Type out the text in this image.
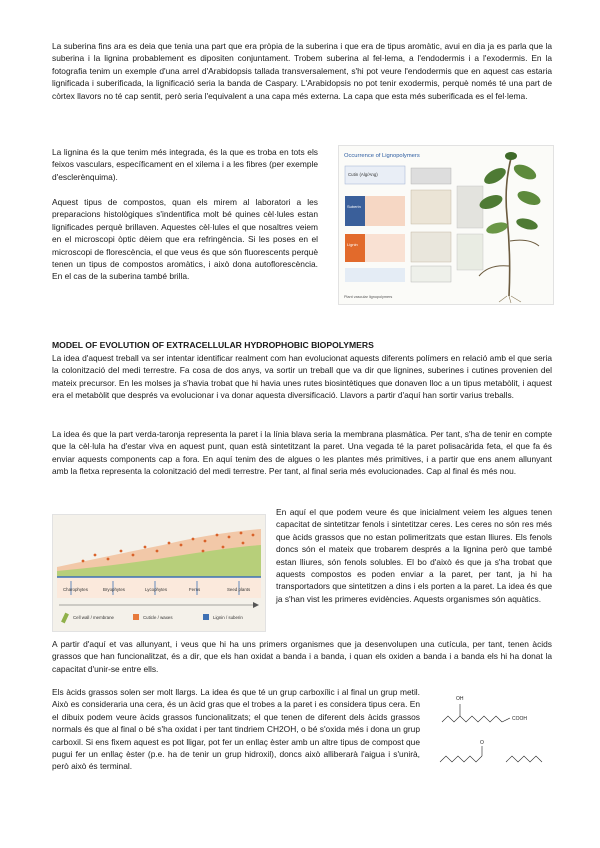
La suberina fins ara es deia que tenia una part que era pròpia de la suberina i que era de tipus aromàtic, avui en dia ja es parla que la suberina i la lignina probablement es dipositen conjuntament. Trobem suberina al fel·lema, a l'endodermis i a l'exodermis. En la fotografia tenim un exemple d'una arrel d'Arabidopsis tallada transversalement, s'hi pot veure l'endodermis que en aquest cas estaria lignificada i suberificada, la lignificació seria la banda de Caspary. L'Arabidopsis no pot tenir exodermis, perquè només té una part de còrtex llavors no té cap sentit, però seria l'equivalent a una capa més externa. La capa que esta més suberificada es el fel·lema.

La lignina és la que tenim més integrada, és la que es troba en tots els feixos vasculars, específicament en el xilema i a les fibres (per exemple d'esclerènquima).

Aquest tipus de compostos, quan els mirem al laboratori a les preparacions histològiques s'indentifica molt bé quines cèl·lules estan lignificades perquè brillaven. Aquestes cèl·lules el que nosaltres veiem en el microscopi òptic dèiem que era refringència. Si les poses en el microscopi de florescència, el que veus és que són fluorescents perquè tenen un tipus de compostos aromàtics, i això dona autoflorescència. En el cas de la suberina també brilla.

Occurrence of Lignopolymers
Cutin (Alg/Ang)
Suberin
Lignin
Plant vascular lignopolymers

MODEL OF EVOLUTION OF EXTRACELLULAR HYDROPHOBIC BIOPOLYMERS

La idea d'aquest treball va ser intentar identificar realment com han evolucionat aquests diferents polímers en relació amb el que seria la colonització del medi terrestre. Fa cosa de dos anys, va sortir un treball que va dir que lignines, suberines i cutines provenien del mateix precursor. En les molses ja s'havia trobat que hi havia unes rutes biosintètiques que donaven lloc a un tipus metabòlit, i aquest era el metabòlit que després va evolucionar i va donar aquesta diversificació. Llavors a partir d'aquí han sortir varius treballs.

La idea és que la part verda-taronja representa la paret i la línia blava seria la membrana plasmàtica. Per tant, s'ha de tenir en compte que la cèl·lula ha d'estar viva en aquest punt, quan està sintetitzant la paret. Una vegada té la paret polisacàrida feta, el que fa és enviar aquests components cap a fora. En aquí tenim des de algues o les plantes més primitives, i a partir que ens anem allunyant amb la fletxa representa la colonització del medi terrestre. Per tant, al final seria més evolucionades. Cap al final és més nou.

Charophytes	Bryophytes	Lycophytes	Ferns	Seed plants
Cell wall / membrane	Cuticle / waxes	Lignin / suberin

En aquí el que podem veure és que inicialment veiem les algues tenen capacitat de sintetitzar fenols i sintetitzar ceres. Les ceres no són res més que àcids grassos que no estan polimeritzats que estan lliures. Els fenols doncs són el mateix que trobarem després a la lignina però que també estan lliures, són fenols solubles. El bo d'això és que ja s'ha trobat que aquests compostos es poden enviar a la paret, per tant, ja hi ha transportadors que sintetitzen a dins i els porten a la paret. La idea és que ja s'han vist les primeres evidències. Aquests organismes són aquàtics.

A partir d'aquí et vas allunyant, i veus que hi ha uns primers organismes que ja desenvolupen una cutícula, per tant, tenen àcids grassos que han funcionalitzat, és a dir, que els han oxidat a banda i a banda, i quan els oxiden a banda i a banda els hi ha donat la capacitat d'unir-se entre ells.

Els àcids grassos solen ser molt llargs. La idea és que té un grup carboxílic i al final un grup metil. Això es consideraria una cera, és un àcid gras que el trobes a la paret i es considera tipus cera. En el dibuix podem veure àcids grassos funcionalitzats; el que tenen de diferent dels àcids grassos normals és que al final o bé s'ha oxidat i per tant tindriem CH2OH, o bé s'oxida més i dona un grup carboxil. Si ens fixem aquest es pot lligar, pot fer un enllaç èster amb un altre tipus de compost que pugui fer un enllaç èster (p.e. ha de tenir un grup hidroxil), doncs això alliberarà l'aigua i s'unirà, però això és terminal.

OH
COOH
O
